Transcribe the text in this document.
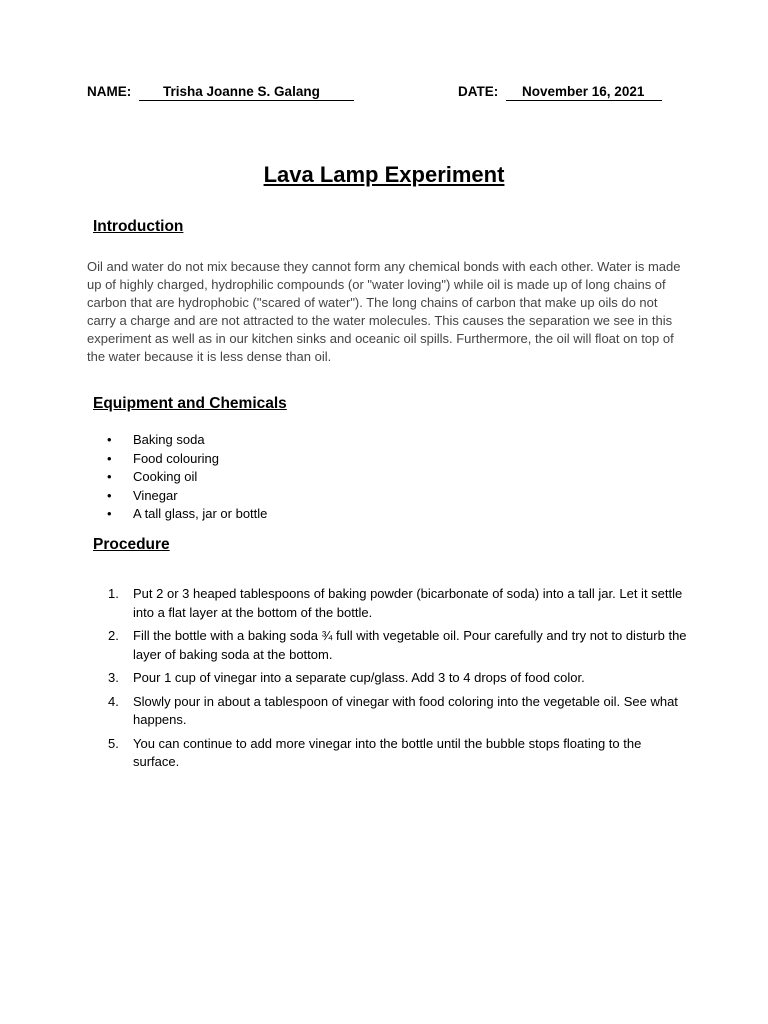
NAME: Trisha Joanne S. Galang	DATE: November 16, 2021
Lava Lamp Experiment
Introduction
Oil and water do not mix because they cannot form any chemical bonds with each other. Water is made up of highly charged, hydrophilic compounds (or "water loving") while oil is made up of long chains of carbon that are hydrophobic ("scared of water"). The long chains of carbon that make up oils do not carry a charge and are not attracted to the water molecules. This causes the separation we see in this experiment as well as in our kitchen sinks and oceanic oil spills. Furthermore, the oil will float on top of the water because it is less dense than oil.
Equipment and Chemicals
• Baking soda
• Food colouring
• Cooking oil
• Vinegar
• A tall glass, jar or bottle
Procedure
1. Put 2 or 3 heaped tablespoons of baking powder (bicarbonate of soda) into a tall jar. Let it settle into a flat layer at the bottom of the bottle.
2. Fill the bottle with a baking soda ¾ full with vegetable oil. Pour carefully and try not to disturb the layer of baking soda at the bottom.
3. Pour 1 cup of vinegar into a separate cup/glass. Add 3 to 4 drops of food color.
4. Slowly pour in about a tablespoon of vinegar with food coloring into the vegetable oil. See what happens.
5. You can continue to add more vinegar into the bottle until the bubble stops floating to the surface.
